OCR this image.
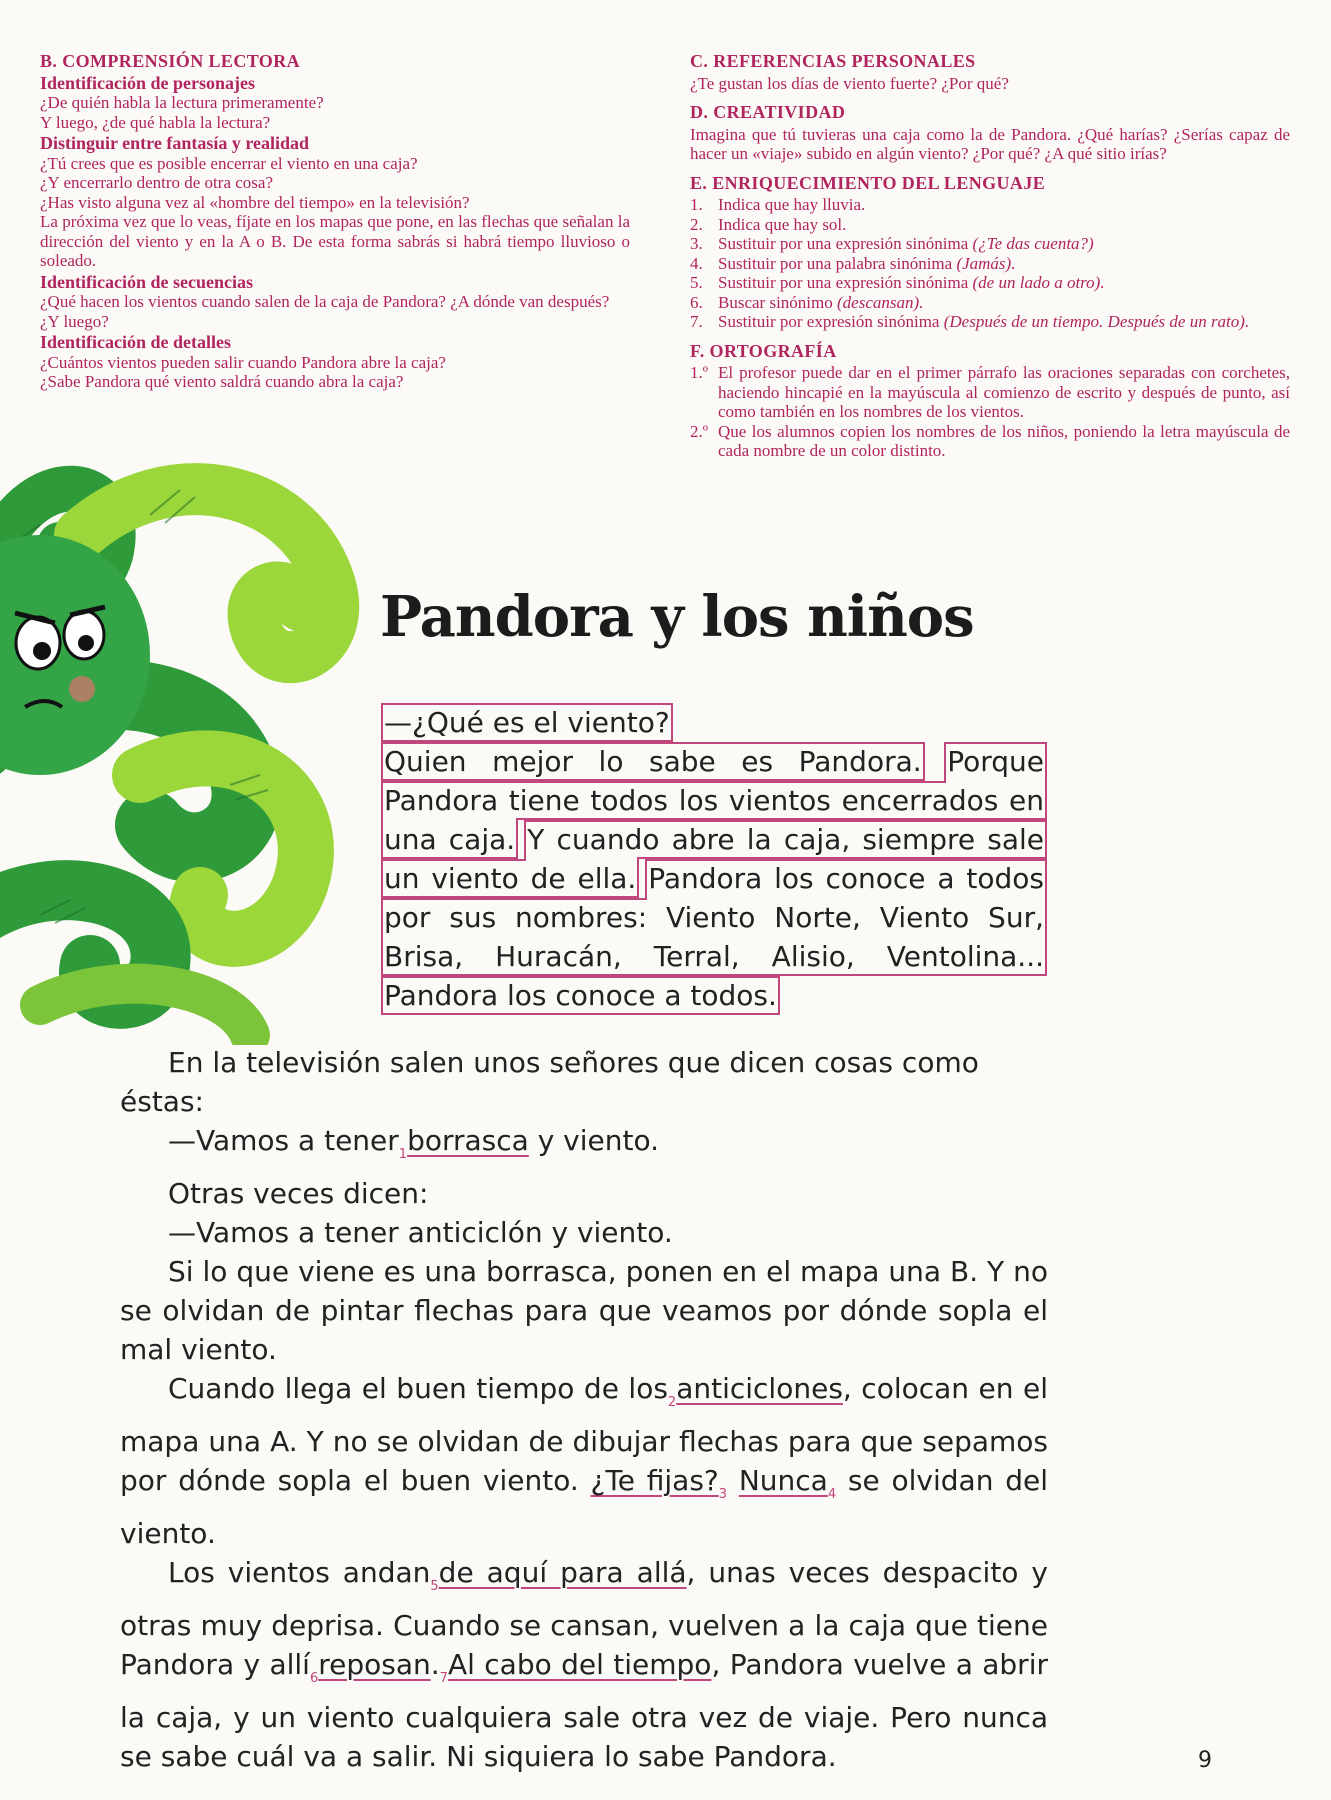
B. COMPRENSIÓN LECTORA

Identificación de personajes

¿De quién habla la lectura primeramente?

Y luego, ¿de qué habla la lectura?

Distinguir entre fantasía y realidad

¿Tú crees que es posible encerrar el viento en una caja?

¿Y encerrarlo dentro de otra cosa?

¿Has visto alguna vez al «hombre del tiempo» en la televisión?

La próxima vez que lo veas, fíjate en los mapas que pone, en las flechas que señalan la dirección del viento y en la A o B. De esta forma sabrás si habrá tiempo lluvioso o soleado.

Identificación de secuencias

¿Qué hacen los vientos cuando salen de la caja de Pandora? ¿A dónde van después?

¿Y luego?

Identificación de detalles

¿Cuántos vientos pueden salir cuando Pandora abre la caja?

¿Sabe Pandora qué viento saldrá cuando abra la caja?

C. REFERENCIAS PERSONALES

¿Te gustan los días de viento fuerte? ¿Por qué?

D. CREATIVIDAD

Imagina que tú tuvieras una caja como la de Pandora. ¿Qué harías? ¿Serías capaz de hacer un «viaje» subido en algún viento? ¿Por qué? ¿A qué sitio irías?

E. ENRIQUECIMIENTO DEL LENGUAJE

1. Indica que hay lluvia.
2. Indica que hay sol.
3. Sustituir por una expresión sinónima (¿Te das cuenta?)
4. Sustituir por una palabra sinónima (Jamás).
5. Sustituir por una expresión sinónima (de un lado a otro).
6. Buscar sinónimo (descansan).
7. Sustituir por expresión sinónima (Después de un tiempo. Después de un rato).

F. ORTOGRAFÍA

1.º El profesor puede dar en el primer párrafo las oraciones separadas con corchetes, haciendo hincapié en la mayúscula al comienzo de escrito y después de punto, así como también en los nombres de los vientos.
2.º Que los alumnos copien los nombres de los niños, poniendo la letra mayúscula de cada nombre de un color distinto.
Pandora y los niños

—¿Qué es el viento?
Quien mejor lo sabe es Pandora. Porque Pandora tiene todos los vientos encerrados en una caja. Y cuando abre la caja, siempre sale un viento de ella. Pandora los conoce a todos por sus nombres: Viento Norte, Viento Sur, Brisa, Huracán, Terral, Alisio, Ventolina... Pandora los conoce a todos.

En la televisión salen unos señores que dicen cosas como éstas:

—Vamos a tener$_1$borrasca y viento.

Otras veces dicen:

—Vamos a tener anticiclón y viento.

Si lo que viene es una borrasca, ponen en el mapa una B. Y no se olvidan de pintar flechas para que veamos por dónde sopla el mal viento.

Cuando llega el buen tiempo de los$_2$anticiclones, colocan en el mapa una A. Y no se olvidan de dibujar flechas para que sepamos por dónde sopla el buen viento. ¿Te $fijas?_3$ Nunca$_4$ se olvidan del viento.

Los vientos andan$_5$de aquí para allá, unas veces despacito y otras muy deprisa. Cuando se cansan, vuelven a la caja que tiene Pandora y $allí_6reposan._7Al$ cabo del tiempo, Pandora vuelve a abrir la caja, y un viento cualquiera sale otra vez de viaje. Pero nunca se sabe cuál va a salir. Ni siquiera lo sabe Pandora.	9
